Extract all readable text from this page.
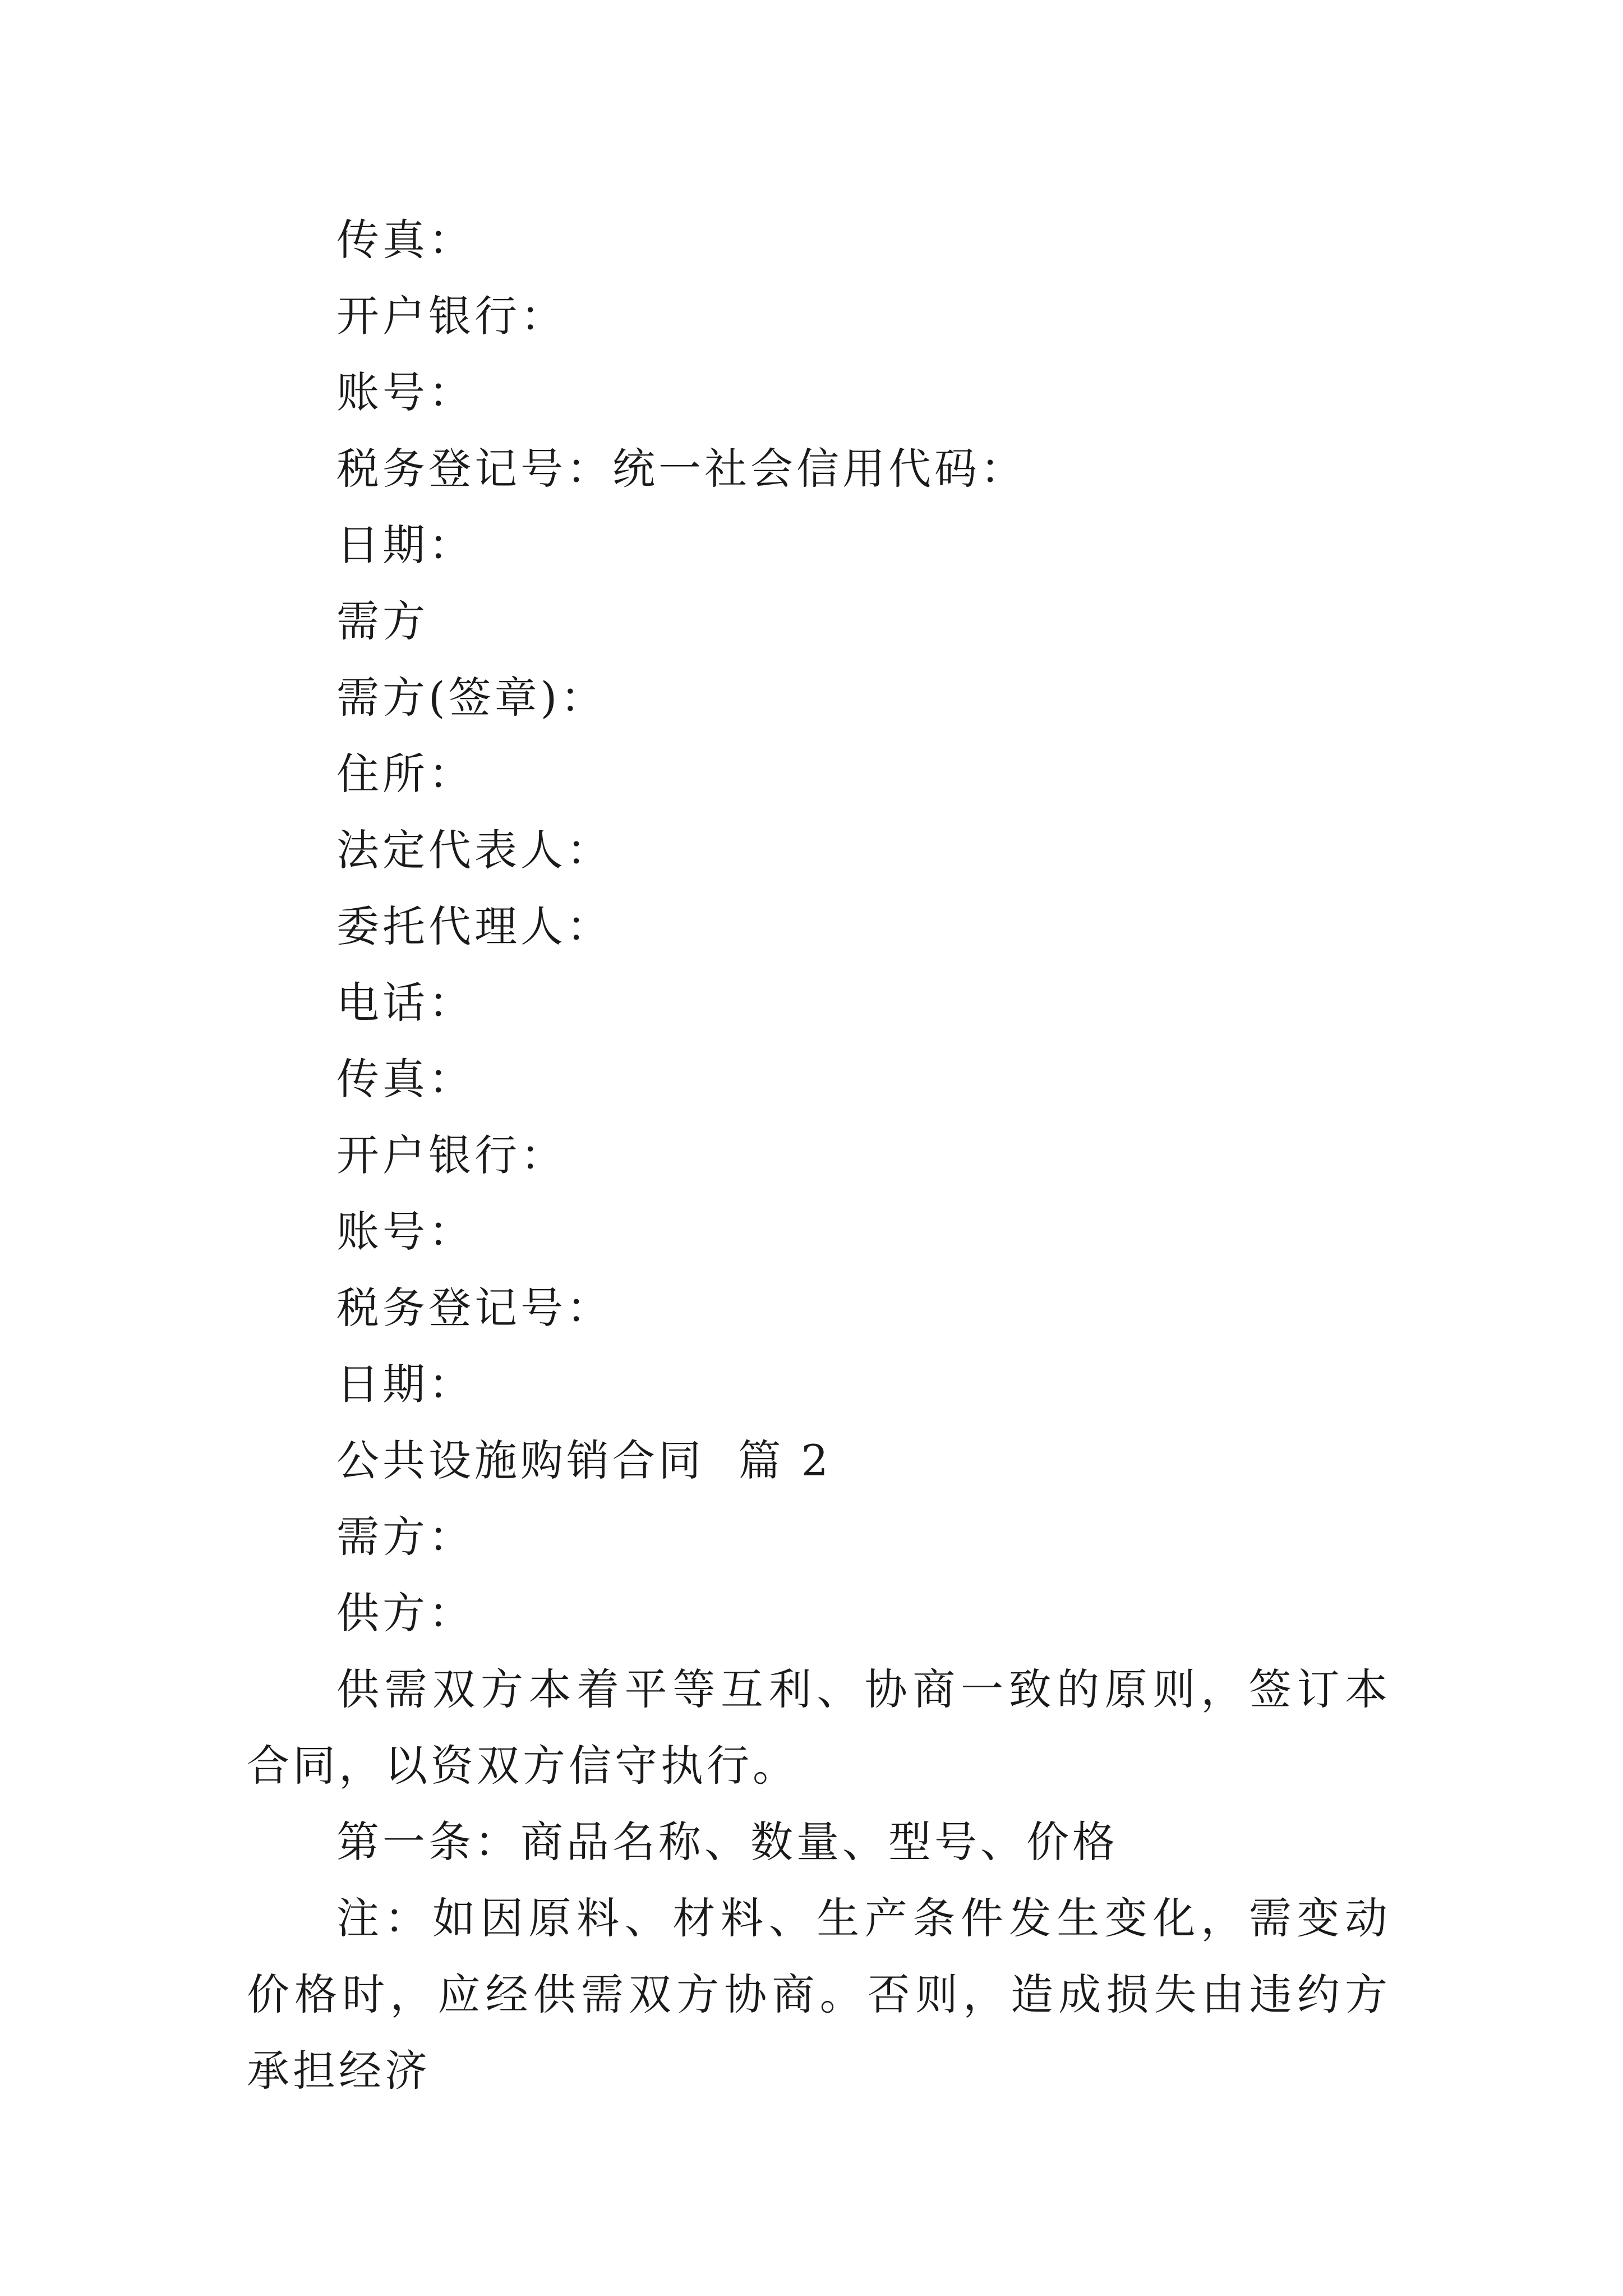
传真：
开户银行：
账号：
税务登记号：统一社会信用代码：
日期：
需方
需方(签章)：
住所：
法定代表人：
委托代理人：
电话：
传真：
开户银行：
账号：
税务登记号：
日期：
公共设施购销合同  篇 2
需方：
供方：
供需双方本着平等互利、协商一致的原则，签订本合同，以资双方信守执行。
第一条：商品名称、数量、型号、价格
注：如因原料、材料、生产条件发生变化，需变动价格时，应经供需双方协商。否则，造成损失由违约方承担经济
